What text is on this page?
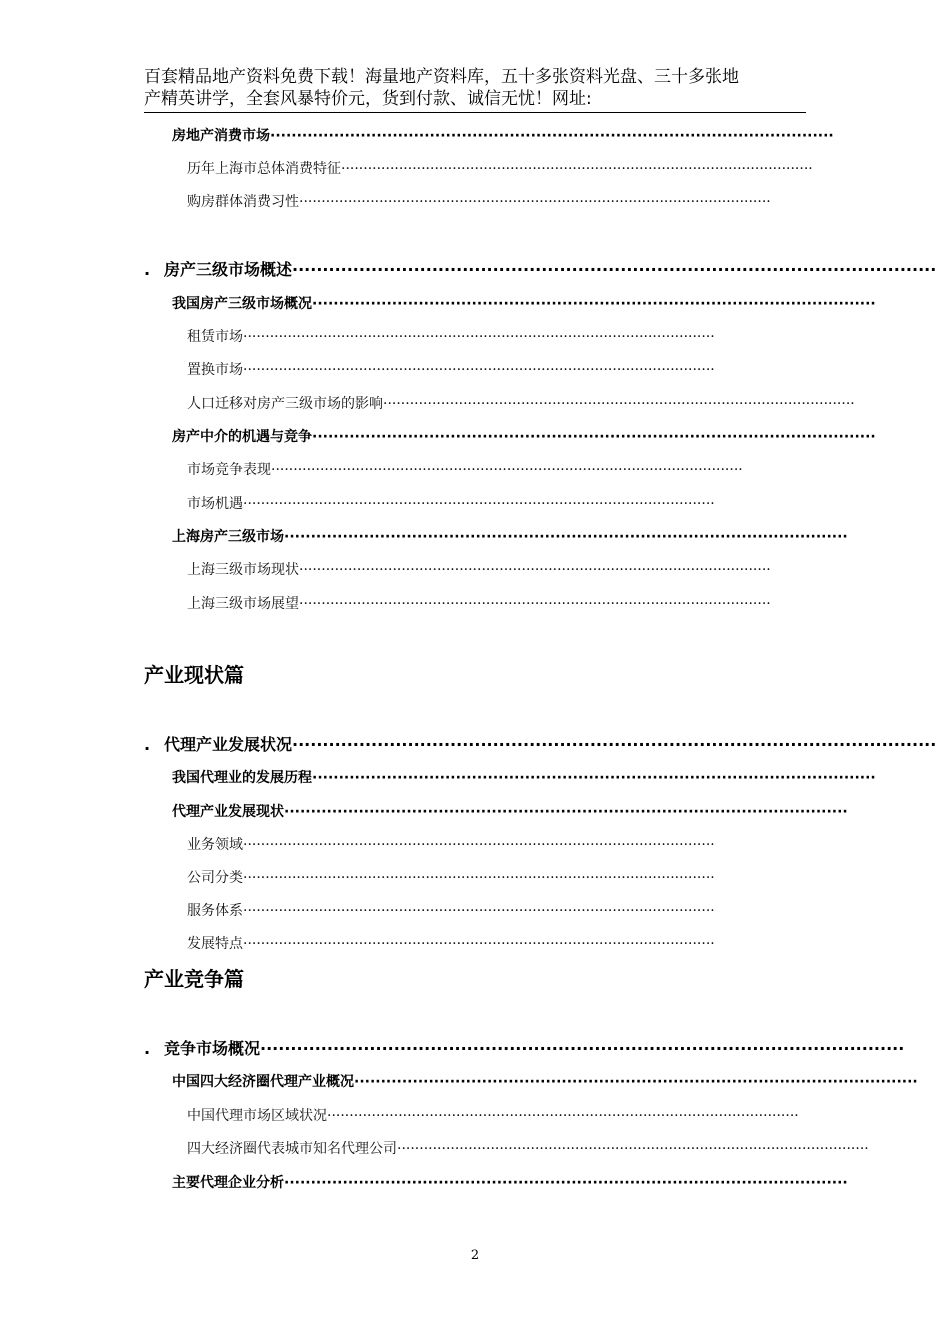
百套精品地产资料免费下载！海量地产资料库，五十多张资料光盘、三十多张地
产精英讲学，全套风暴特价元，货到付款、诚信无忧！网址:
房地产消费市场··········································································································
历年上海市总体消费特征··········································································································
购房群体消费习性··········································································································
. 房产三级市场概述··········································································································
我国房产三级市场概况··········································································································
租赁市场··········································································································
置换市场··········································································································
人口迁移对房产三级市场的影响··········································································································
房产中介的机遇与竞争··········································································································
市场竞争表现··········································································································
市场机遇··········································································································
上海房产三级市场··········································································································
上海三级市场现状··········································································································
上海三级市场展望··········································································································
产业现状篇
. 代理产业发展状况··········································································································
我国代理业的发展历程··········································································································
代理产业发展现状··········································································································
业务领域··········································································································
公司分类··········································································································
服务体系··········································································································
发展特点··········································································································
产业竞争篇
. 竞争市场概况··········································································································
中国四大经济圈代理产业概况··········································································································
中国代理市场区域状况··········································································································
四大经济圈代表城市知名代理公司··········································································································
主要代理企业分析··········································································································
2
